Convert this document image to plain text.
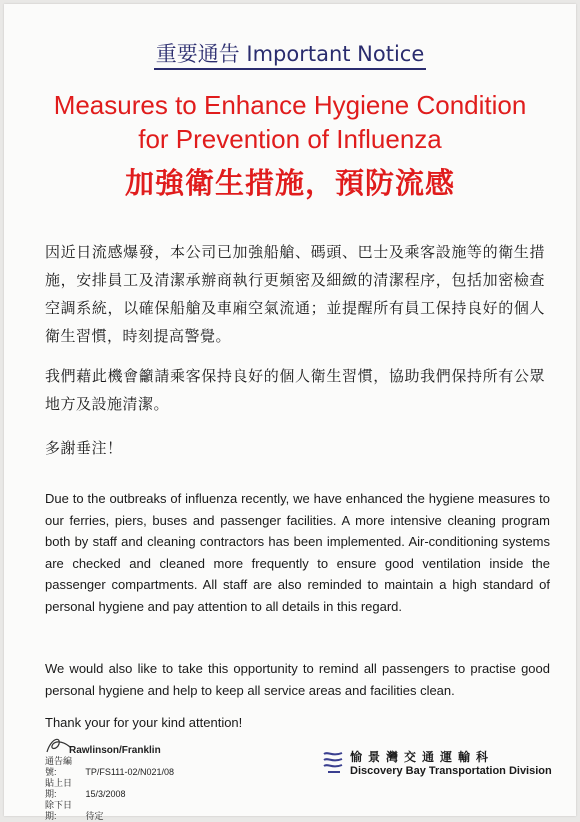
重要通告 Important Notice
Measures to Enhance Hygiene Condition
for Prevention of Influenza
加強衛生措施，預防流感
因近日流感爆發，本公司已加強船艙、碼頭、巴士及乘客設施等的衛生措施，安排員工及清潔承辦商執行更頻密及細緻的清潔程序，包括加密檢查空調系統，以確保船艙及車廂空氣流通；並提醒所有員工保持良好的個人衛生習慣，時刻提高警覺。
我們藉此機會籲請乘客保持良好的個人衛生習慣，協助我們保持所有公眾地方及設施清潔。
多謝垂注！
Due to the outbreaks of influenza recently, we have enhanced the hygiene measures to our ferries, piers, buses and passenger facilities. A more intensive cleaning program both by staff and cleaning contractors has been implemented. Air-conditioning systems are checked and cleaned more frequently to ensure good ventilation inside the passenger compartments. All staff are also reminded to maintain a high standard of personal hygiene and pay attention to all details in this regard.
We would also like to take this opportunity to remind all passengers to practise good personal hygiene and help to keep all service areas and facilities clean.
Thank your for your kind attention!
Rawlinson/Franklin
通告編號:	TP/FS111-02/N021/08
貼上日期:	15/3/2008
除下日期:	待定
愉景灣交通運輸科
Discovery Bay Transportation Division
